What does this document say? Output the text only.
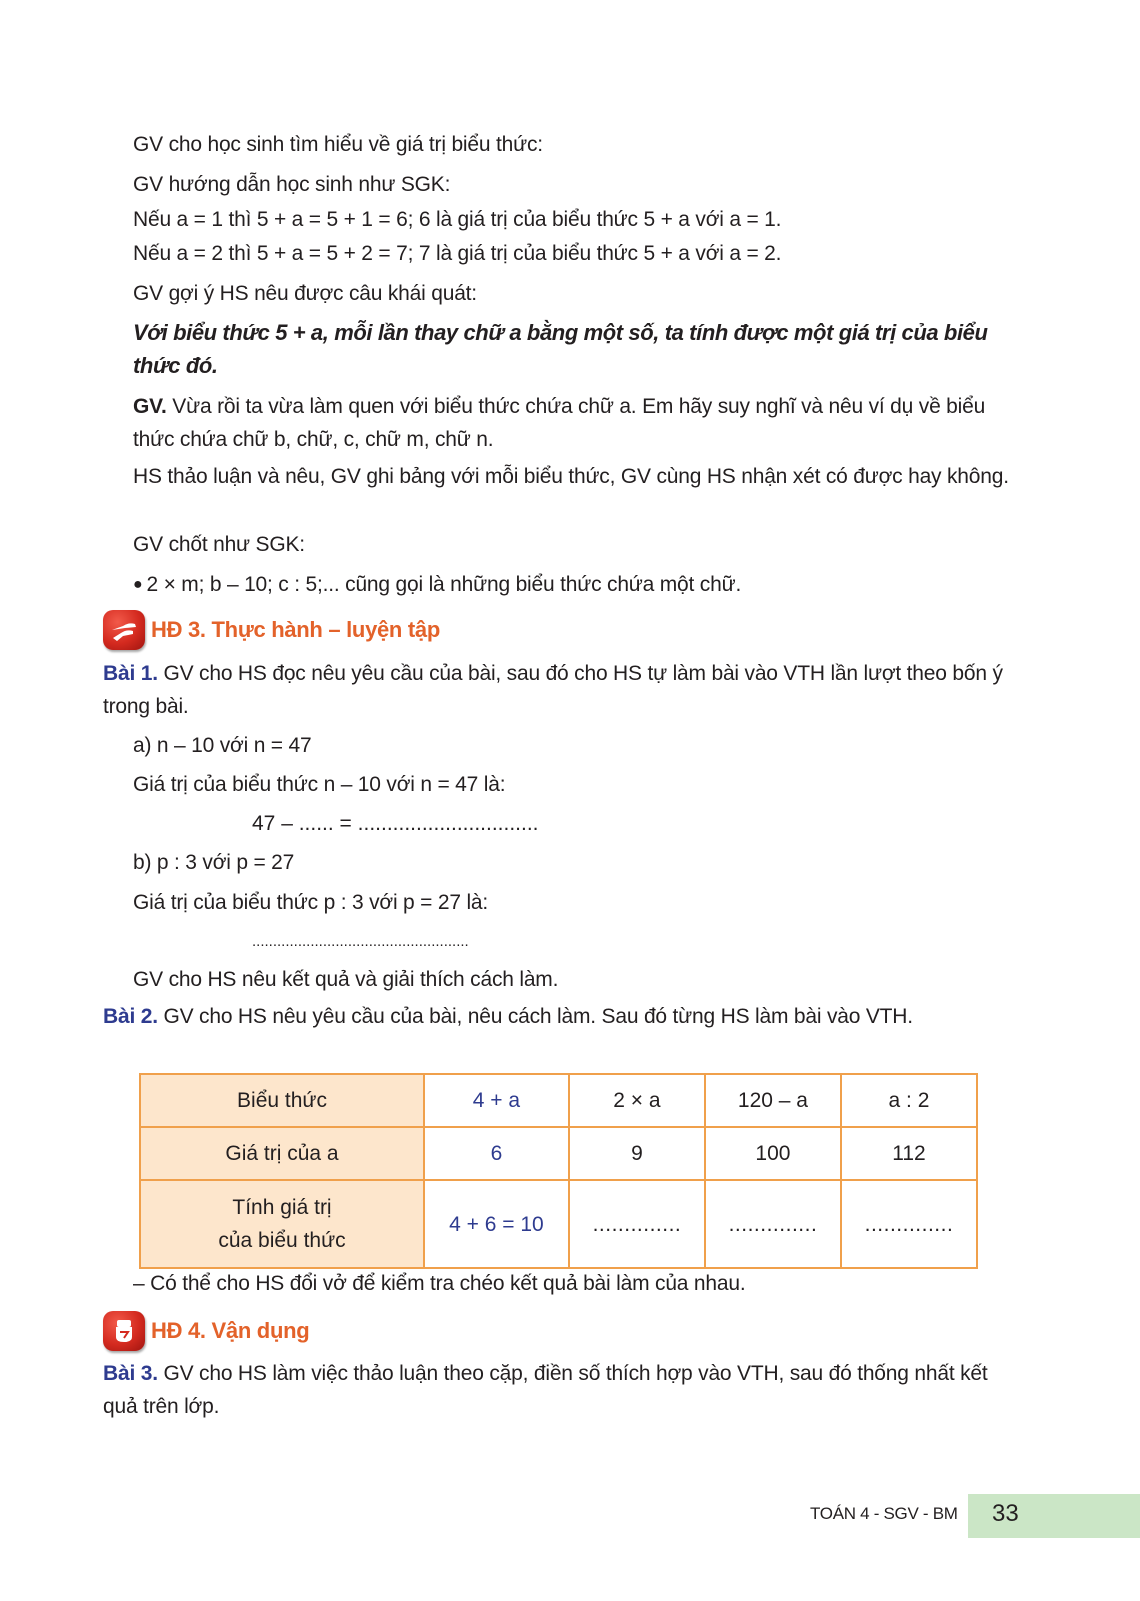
GV cho học sinh tìm hiểu về giá trị biểu thức:

GV hướng dẫn học sinh như SGK:

Nếu a = 1 thì 5 + a = 5 + 1 = 6; 6 là giá trị của biểu thức 5 + a với a = 1.

Nếu a = 2 thì 5 + a = 5 + 2 = 7; 7 là giá trị của biểu thức 5 + a với a = 2.

GV gợi ý HS nêu được câu khái quát:

Với biểu thức 5 + a, mỗi lần thay chữ a bằng một số, ta tính được một giá trị của biểu thức đó.

GV. Vừa rồi ta vừa làm quen với biểu thức chứa chữ a. Em hãy suy nghĩ và nêu ví dụ về biểu thức chứa chữ b, chữ, c, chữ m, chữ n.

HS thảo luận và nêu, GV ghi bảng với mỗi biểu thức, GV cùng HS nhận xét có được hay không.

GV chốt như SGK:

● 2 × m; b – 10; c : 5;... cũng gọi là những biểu thức chứa một chữ.

HĐ 3. Thực hành – luyện tập

Bài 1. GV cho HS đọc nêu yêu cầu của bài, sau đó cho HS tự làm bài vào VTH lần lượt theo bốn ý trong bài.

a) n – 10 với n = 47

Giá trị của biểu thức n – 10 với n = 47 là:

47 – ...... = ...............................

b) p : 3 với p = 27

Giá trị của biểu thức p : 3 với p = 27 là:

....................................................

GV cho HS nêu kết quả và giải thích cách làm.

Bài 2. GV cho HS nêu yêu cầu của bài, nêu cách làm. Sau đó từng HS làm bài vào VTH.

Biểu thức	4 + a	2 × a	120 – a	a : 2
Giá trị của a	6	9	100	112

Tính giá trị
của biểu thức	4 + 6 = 10	..............	..............	..............

– Có thể cho HS đổi vở để kiểm tra chéo kết quả bài làm của nhau.

HĐ 4. Vận dụng

Bài 3. GV cho HS làm việc thảo luận theo cặp, điền số thích hợp vào VTH, sau đó thống nhất kết quả trên lớp.

TOÁN 4 - SGV - BM 33
